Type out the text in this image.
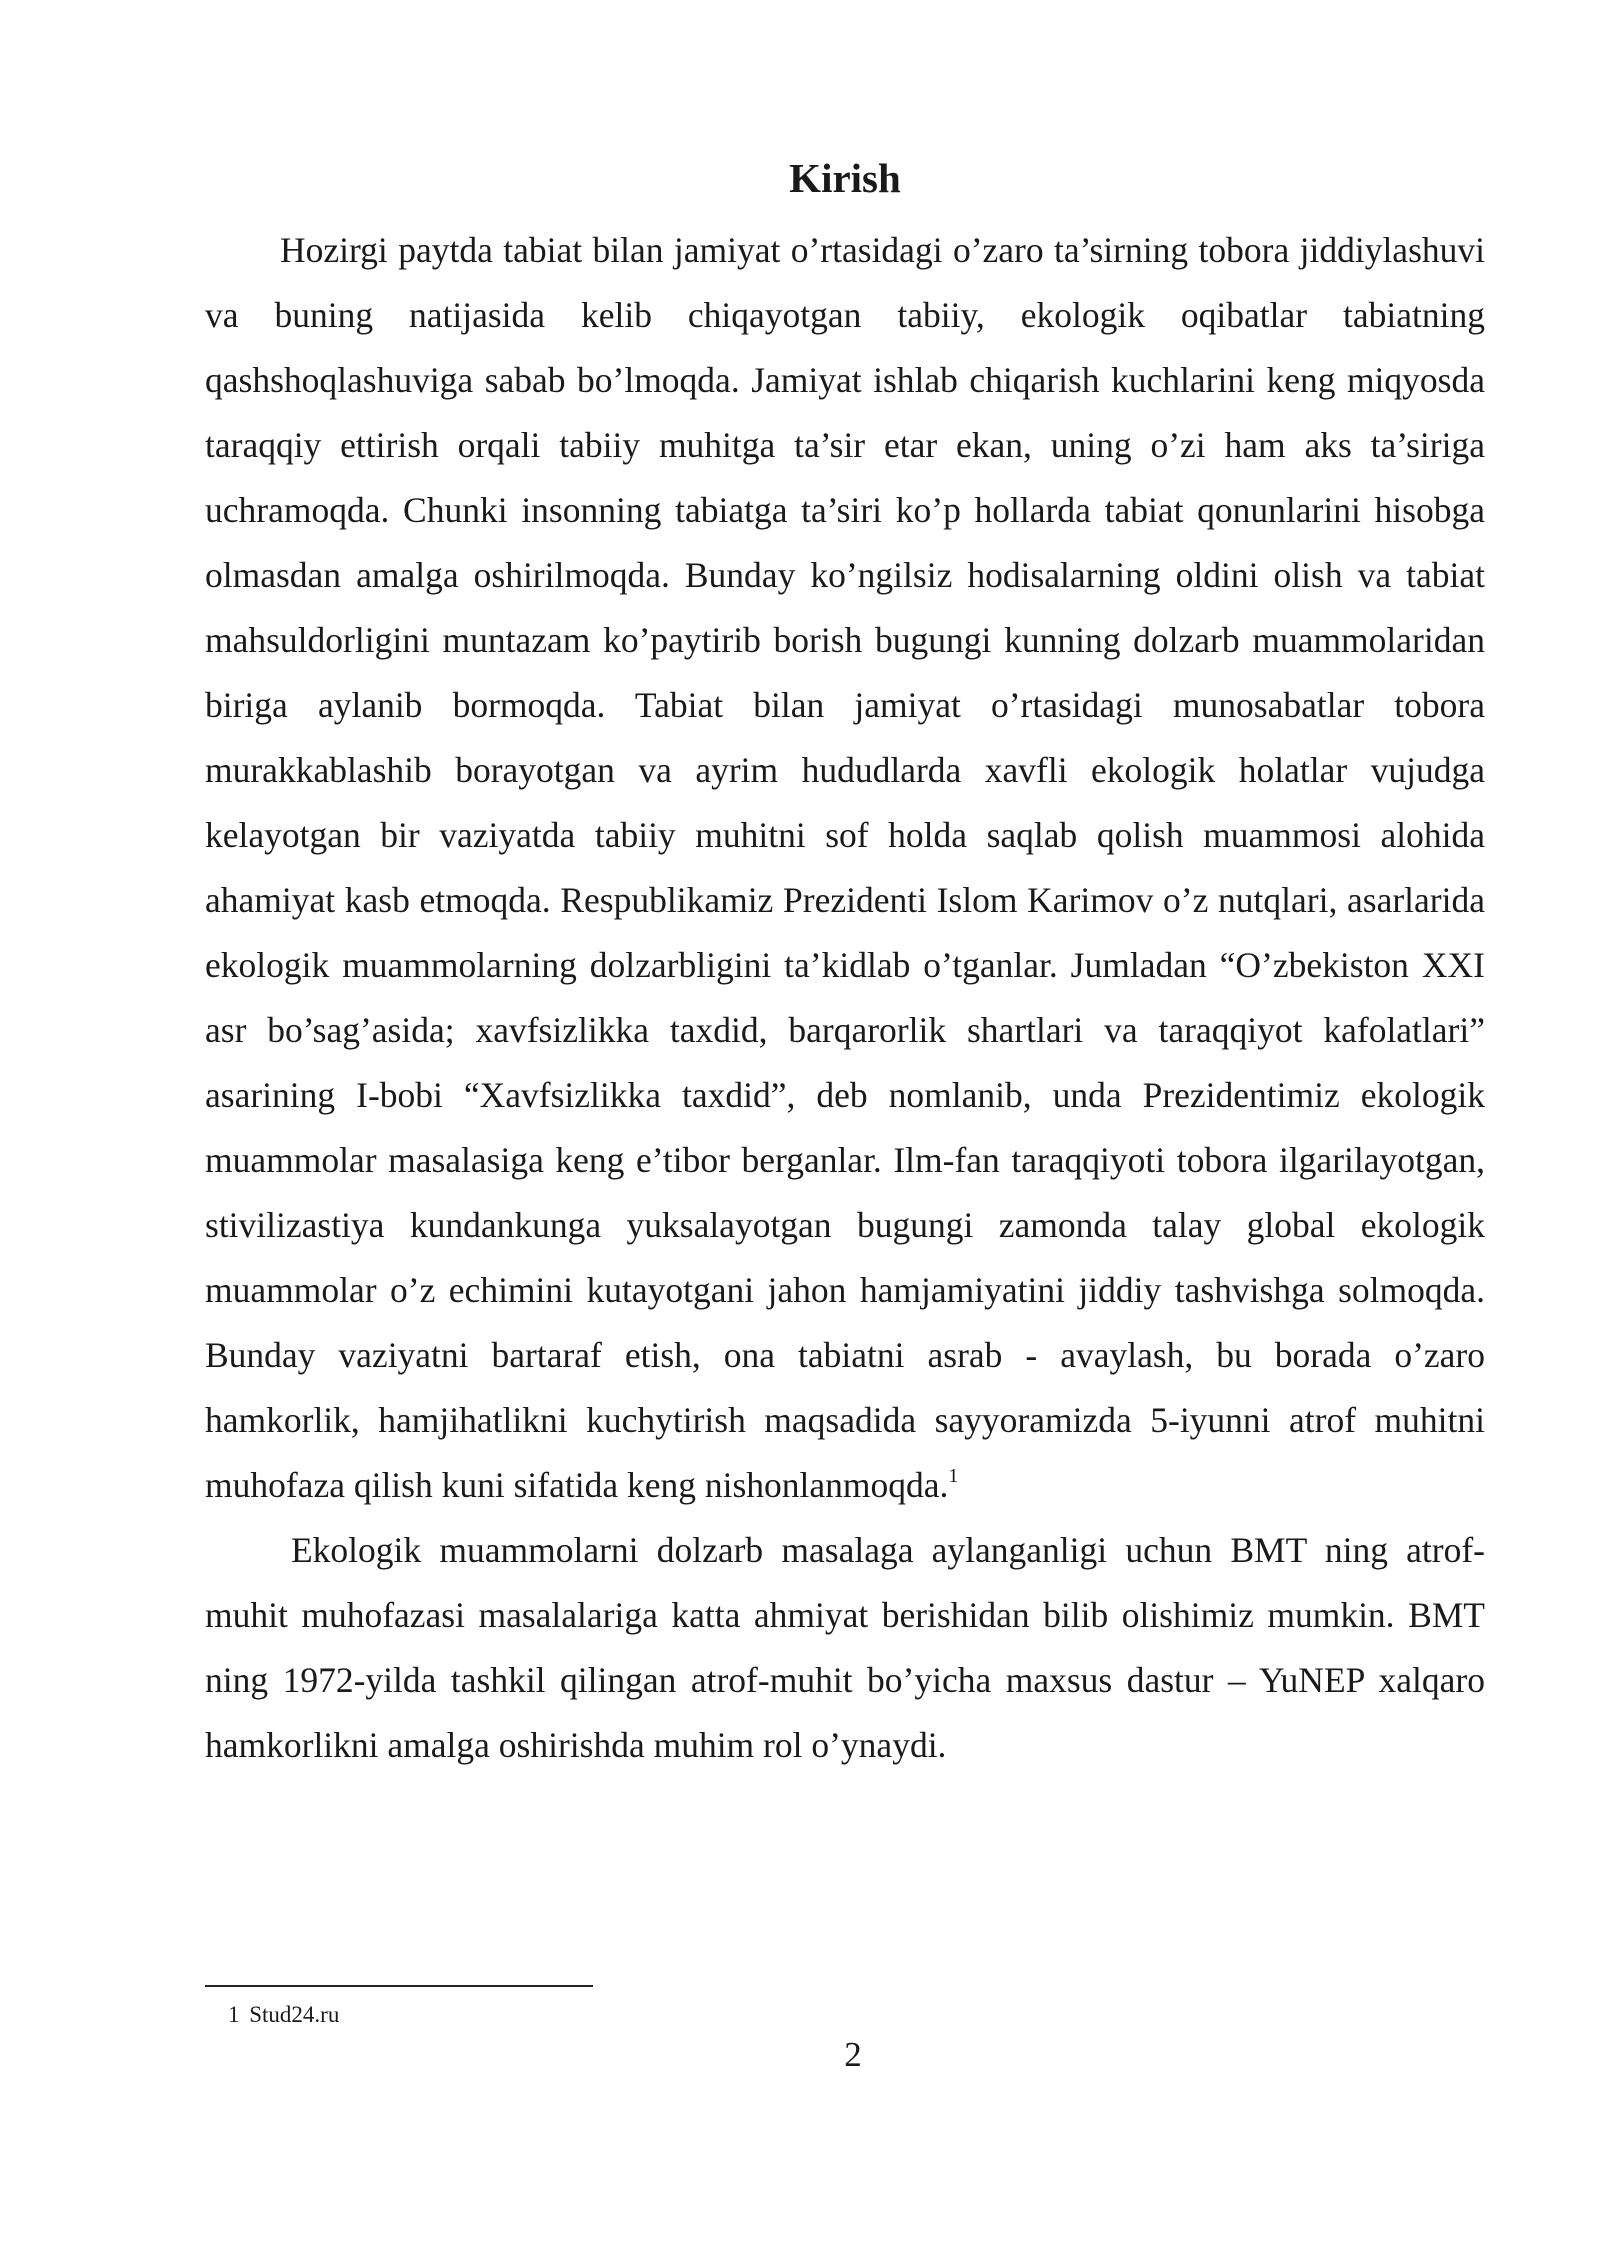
Kirish

Hozirgi paytda tabiat bilan jamiyat o’rtasidagi o’zaro ta’sirning tobora jiddiylashuvi va buning natijasida kelib chiqayotgan tabiiy, ekologik oqibatlar tabiatning qashshoqlashuviga sabab bo’lmoqda. Jamiyat ishlab chiqarish kuchlarini keng miqyosda taraqqiy ettirish orqali tabiiy muhitga ta’sir etar ekan, uning o’zi ham aks ta’siriga uchramoqda. Chunki insonning tabiatga ta’siri ko’p hollarda tabiat qonunlarini hisobga olmasdan amalga oshirilmoqda. Bunday ko’ngilsiz hodisalarning oldini olish va tabiat mahsuldorligini muntazam ko’paytirib borish bugungi kunning dolzarb muammolaridan biriga aylanib bormoqda. Tabiat bilan jamiyat o’rtasidagi munosabatlar tobora murakkablashib borayotgan va ayrim hududlarda xavfli ekologik holatlar vujudga kelayotgan bir vaziyatda tabiiy muhitni sof holda saqlab qolish muammosi alohida ahamiyat kasb etmoqda. Respublikamiz Prezidenti Islom Karimov o’z nutqlari, asarlarida ekologik muammolarning dolzarbligini ta’kidlab o’tganlar. Jumladan “O’zbekiston XXI asr bo’sag’asida; xavfsizlikka taxdid, barqarorlik shartlari va taraqqiyot kafolatlari” asarining I-bobi “Xavfsizlikka taxdid”, deb nomlanib, unda Prezidentimiz ekologik muammolar masalasiga keng e’tibor berganlar. Ilm-fan taraqqiyoti tobora ilgarilayotgan, stivilizastiya kundankunga yuksalayotgan bugungi zamonda talay global ekologik muammolar o’z echimini kutayotgani jahon hamjamiyatini jiddiy tashvishga solmoqda. Bunday vaziyatni bartaraf etish, ona tabiatni asrab - avaylash, bu borada o’zaro hamkorlik, hamjihatlikni kuchytirish maqsadida sayyoramizda 5-iyunni atrof muhitni muhofaza qilish kuni sifatida keng nishonlanmoqda.$^1$

Ekologik muammolarni dolzarb masalaga aylanganligi uchun BMT ning atrof-muhit muhofazasi masalalariga katta ahmiyat berishidan bilib olishimiz mumkin. BMT ning 1972-yilda tashkil qilingan atrof-muhit bo’yicha maxsus dastur – YuNEP xalqaro hamkorlikni amalga oshirishda muhim rol o’ynaydi.

1 Stud24.ru
2
